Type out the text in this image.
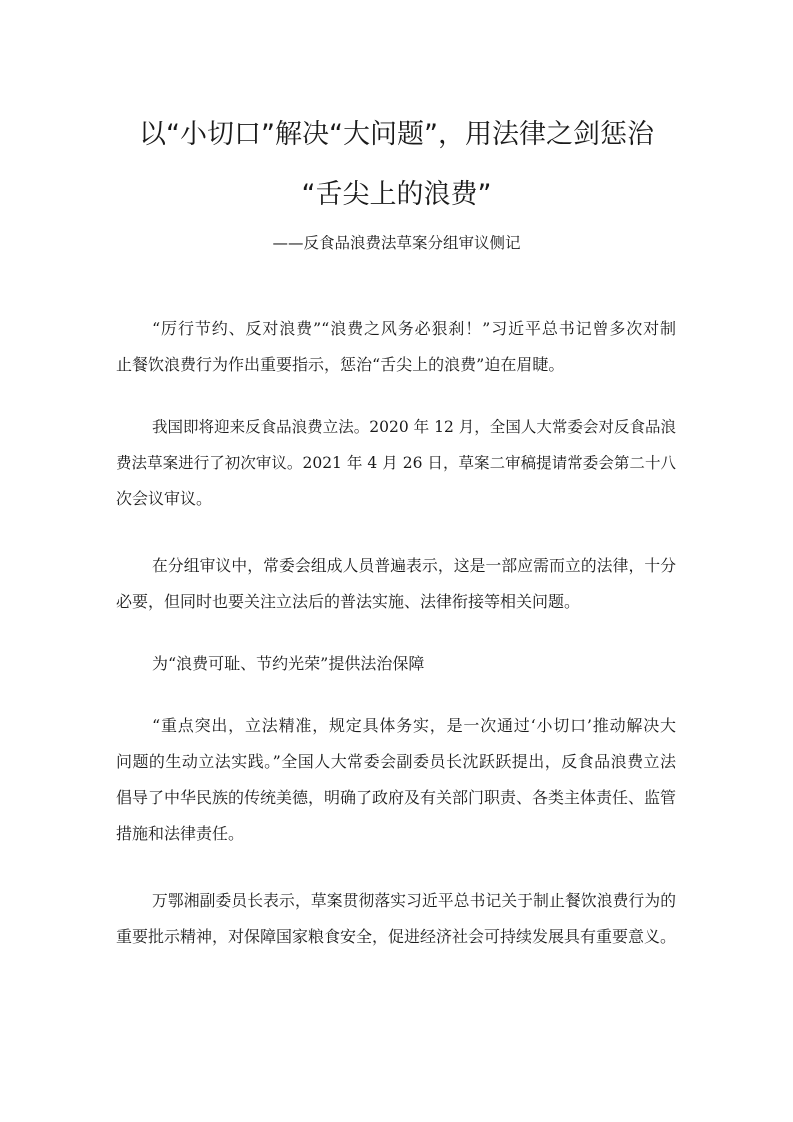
以“小切口”解决“大问题”，用法律之剑惩治
“舌尖上的浪费”

——反食品浪费法草案分组审议侧记

“厉行节约、反对浪费”“浪费之风务必狠刹！”习近平总书记曾多次对制
止餐饮浪费行为作出重要指示，惩治“舌尖上的浪费”迫在眉睫。
我国即将迎来反食品浪费立法。2020 年 12 月，全国人大常委会对反食品浪
费法草案进行了初次审议。2021 年 4 月 26 日，草案二审稿提请常委会第二十八
次会议审议。
在分组审议中，常委会组成人员普遍表示，这是一部应需而立的法律，十分
必要，但同时也要关注立法后的普法实施、法律衔接等相关问题。
为“浪费可耻、节约光荣”提供法治保障
“重点突出，立法精准，规定具体务实，是一次通过‘小切口’推动解决大
问题的生动立法实践。”全国人大常委会副委员长沈跃跃提出，反食品浪费立法
倡导了中华民族的传统美德，明确了政府及有关部门职责、各类主体责任、监管
措施和法律责任。
万鄂湘副委员长表示，草案贯彻落实习近平总书记关于制止餐饮浪费行为的
重要批示精神，对保障国家粮食安全，促进经济社会可持续发展具有重要意义。
